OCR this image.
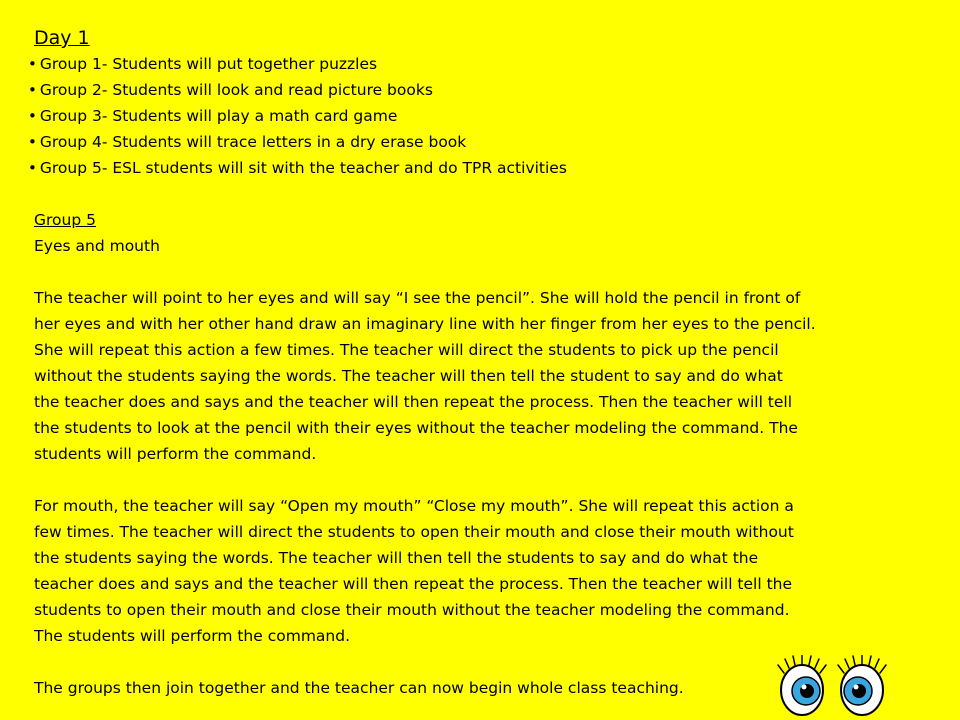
Day 1
• Group 1- Students will put together puzzles
• Group 2- Students will look and read picture books
• Group 3- Students will play a math card game
• Group 4- Students will trace letters in a dry erase book
• Group 5- ESL students will sit with the teacher and do TPR activities
Group 5
Eyes and mouth
The teacher will point to her eyes and will say “I see the pencil”. She will hold the pencil in front of
her eyes and with her other hand draw an imaginary line with her finger from her eyes to the pencil.
She will repeat this action a few times. The teacher will direct the students to pick up the pencil
without the students saying the words. The teacher will then tell the student to say and do what
the teacher does and says and the teacher will then repeat the process. Then the teacher will tell
the students to look at the pencil with their eyes without the teacher modeling the command. The
students will perform the command.
For mouth, the teacher will say “Open my mouth” “Close my mouth”. She will repeat this action a
few times. The teacher will direct the students to open their mouth and close their mouth without
the students saying the words. The teacher will then tell the students to say and do what the
teacher does and says and the teacher will then repeat the process. Then the teacher will tell the
students to open their mouth and close their mouth without the teacher modeling the command.
The students will perform the command.
The groups then join together and the teacher can now begin whole class teaching.
